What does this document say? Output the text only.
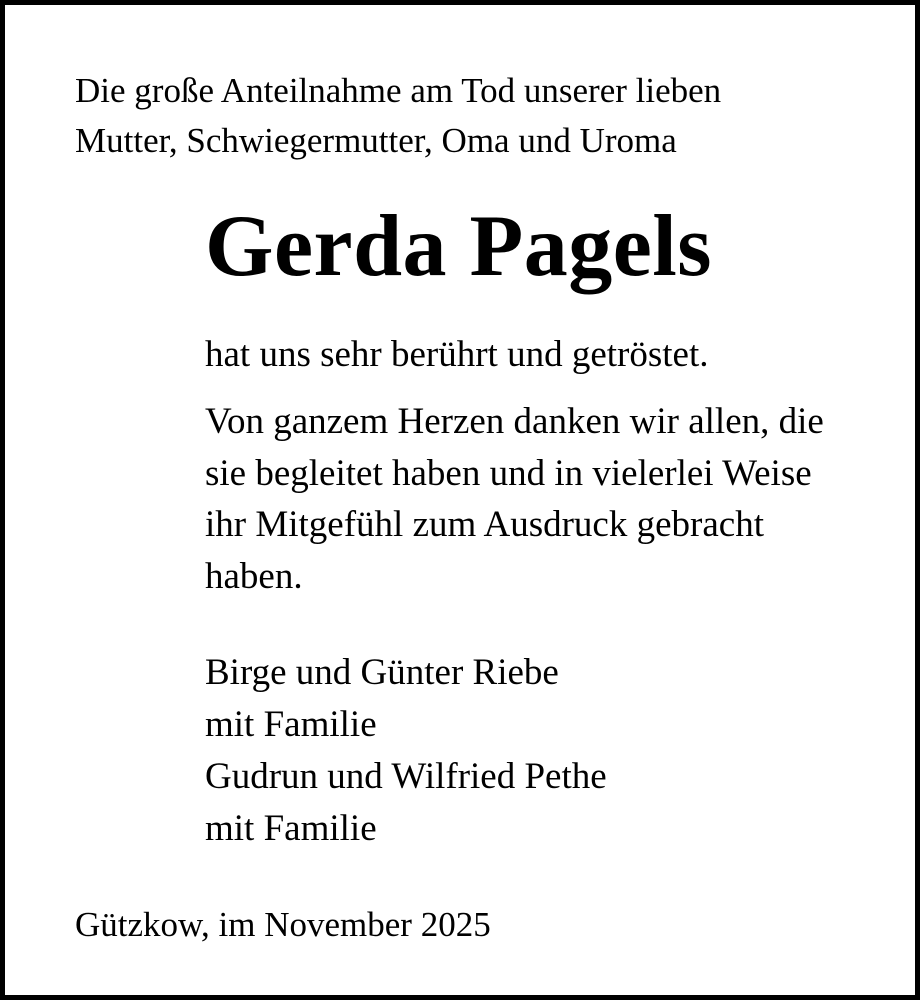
Die große Anteilnahme am Tod unserer lieben

Mutter, Schwiegermutter, Oma und Uroma

Gerda Pagels

hat uns sehr berührt und getröstet.

Von ganzem Herzen danken wir allen, die

sie begleitet haben und in vielerlei Weise

ihr Mitgefühl zum Ausdruck gebracht

haben.

Birge und Günter Riebe

mit Familie

Gudrun und Wilfried Pethe

mit Familie

Gützkow, im November 2025
